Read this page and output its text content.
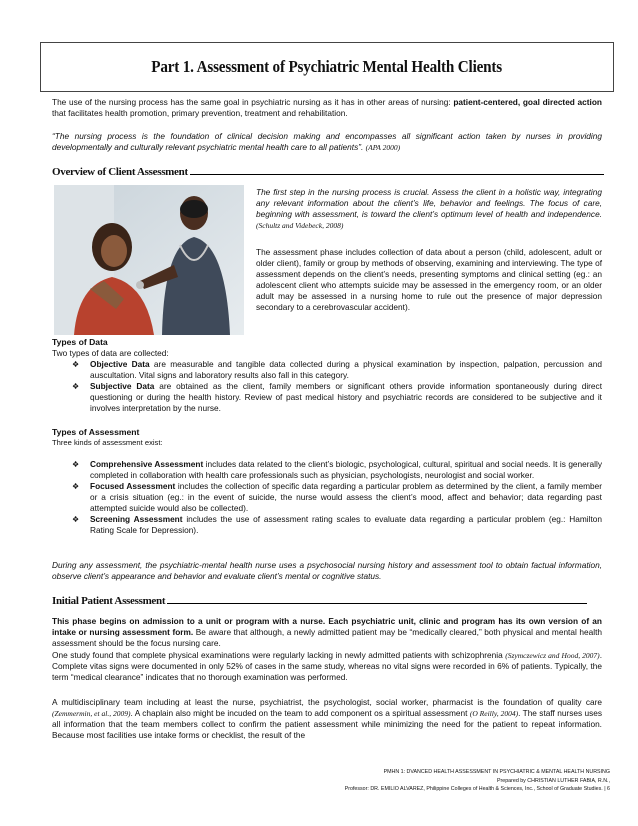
Part 1. Assessment of Psychiatric Mental Health Clients

The use of the nursing process has the same goal in psychiatric nursing as it has in other areas of nursing: patient-centered, goal directed action that facilitates health promotion, primary prevention, treatment and rehabilitation.

“The nursing process is the foundation of clinical decision making and encompasses all significant action taken by nurses in providing developmentally and culturally relevant psychiatric mental health care to all patients”. (APA 2000)

Overview of Client Assessment

The first step in the nursing process is crucial. Assess the client in a holistic way, integrating any relevant information about the client’s life, behavior and feelings. The focus of care, beginning with assessment, is toward the client’s optimum level of health and independence. (Schultz and Videbeck, 2008)

The assessment phase includes collection of data about a person (child, adolescent, adult or older client), family or group by methods of observing, examining and interviewing. The type of assessment depends on the client’s needs, presenting symptoms and clinical setting (eg.: an adolescent client who attempts suicide may be assessed in the emergency room, or an older adult may be assessed in a nursing home to rule out the presence of major depression secondary to a cerebrovascular accident).

Types of Data

Two types of data are collected:

❖ Objective Data are measurable and tangible data collected during a physical examination by inspection, palpation, percussion and auscultation. Vital signs and laboratory results also fall in this category.
❖ Subjective Data are obtained as the client, family members or significant others provide information spontaneously during direct questioning or during the health history. Review of past medical history and psychiatric records are considered to be subjective and it involves interpretation by the nurse.

Types of Assessment

Three kinds of assessment exist:

❖ Comprehensive Assessment includes data related to the client’s biologic, psychological, cultural, spiritual and social needs. It is generally completed in collaboration with health care professionals such as physician, psychologists, neurologist and social worker.
❖ Focused Assessment includes the collection of specific data regarding a particular problem as determined by the client, a family member or a crisis situation (eg.: in the event of suicide, the nurse would assess the client’s mood, affect and behavior; data regarding past attempted suicide would also be collected).
❖ Screening Assessment includes the use of assessment rating scales to evaluate data regarding a particular problem (eg.: Hamilton Rating Scale for Depression).

During any assessment, the psychiatric-mental health nurse uses a psychosocial nursing history and assessment tool to obtain factual information, observe client’s appearance and behavior and evaluate client’s mental or cognitive status.

Initial Patient Assessment

This phase begins on admission to a unit or program with a nurse. Each psychiatric unit, clinic and program has its own version of an intake or nursing assessment form. Be aware that although, a newly admitted patient may be “medically cleared,” both physical and mental health assessment should be the focus nursing care.

One study found that complete physical examinations were regularly lacking in newly admitted patients with schizophrenia (Szymczewicz and Hood, 2007). Complete vitas signs were documented in only 52% of cases in the same study, whereas no vital signs were recorded in 6% of patients. Typically, the term “medical clearance” indicates that no thorough examination was performed.

A multidisciplinary team including at least the nurse, psychiatrist, the psychologist, social worker, pharmacist is the foundation of quality care (Zemmermin, et al., 2009). A chaplain also might be incuded on the team to add component os a spiritual assessment (O Reilly, 2004). The staff nurses uses all information that the team members collect to confirm the patient assessment while minimizing the need for the patient to repeat information. Because most facilities use intake forms or checklist, the result of the

PMHN 1: DVANCED HEALTH ASSESSMENT IN PSYCHIATRIC & MENTAL HEALTH NURSING
Prepared by CHRISTIAN LUTHER FABIA, R.N.,
Professor: DR. EMILIO ALVAREZ, Philippine Colleges of Health & Sciences, Inc., School of Graduate Studies. | 6
